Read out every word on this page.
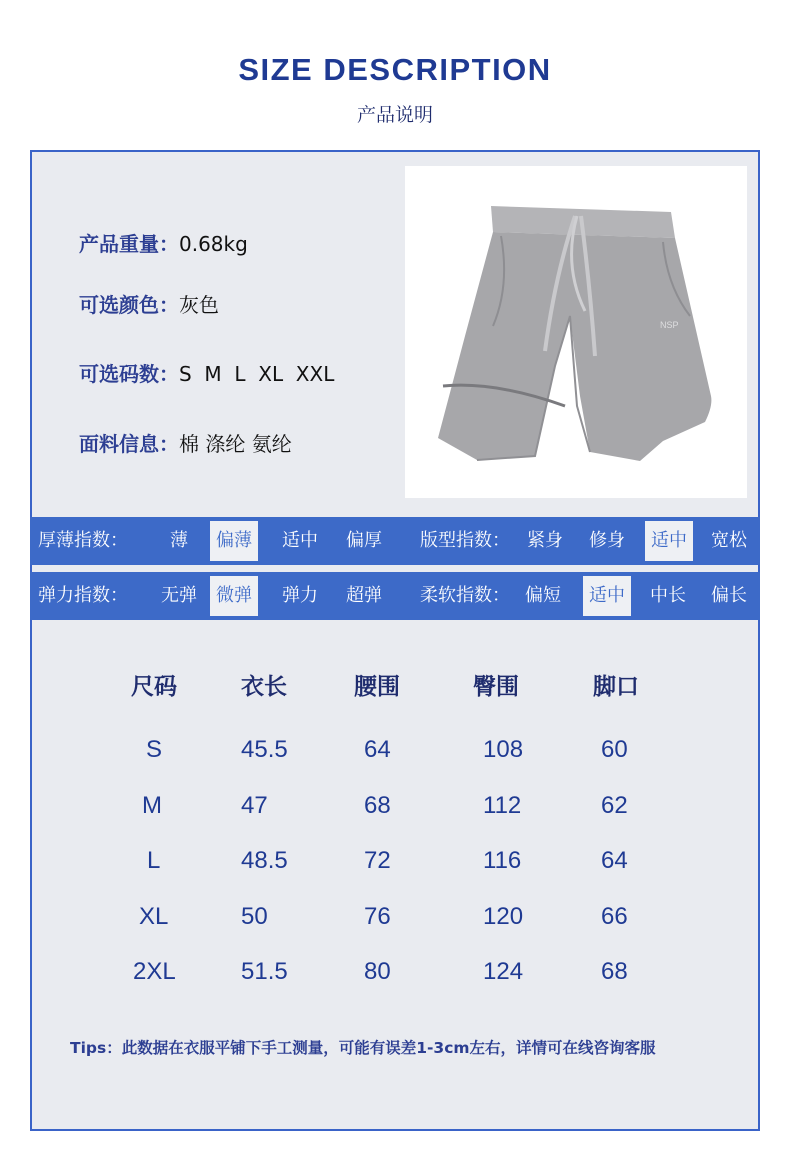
SIZE DESCRIPTION
产品说明
产品重量：0.68kg
可选颜色：灰色
可选码数：S  M  L  XL  XXL
面料信息：棉 涤纶 氨纶
NSP
厚薄指数： 薄	偏薄	适中 偏厚 版型指数： 紧身 修身	适中	宽松
弹力指数： 无弹	微弹	弹力 超弹 柔软指数： 偏短	适中	中长 偏长
尺码	衣长	腰围	臀围	脚口
S	45.5	64	108	60
M	47	68	112	62
L	48.5	72	116	64
XL	50	76	120	66
2XL	51.5	80	124	68
Tips：此数据在衣服平铺下手工测量，可能有误差1-3cm左右，详情可在线咨询客服
